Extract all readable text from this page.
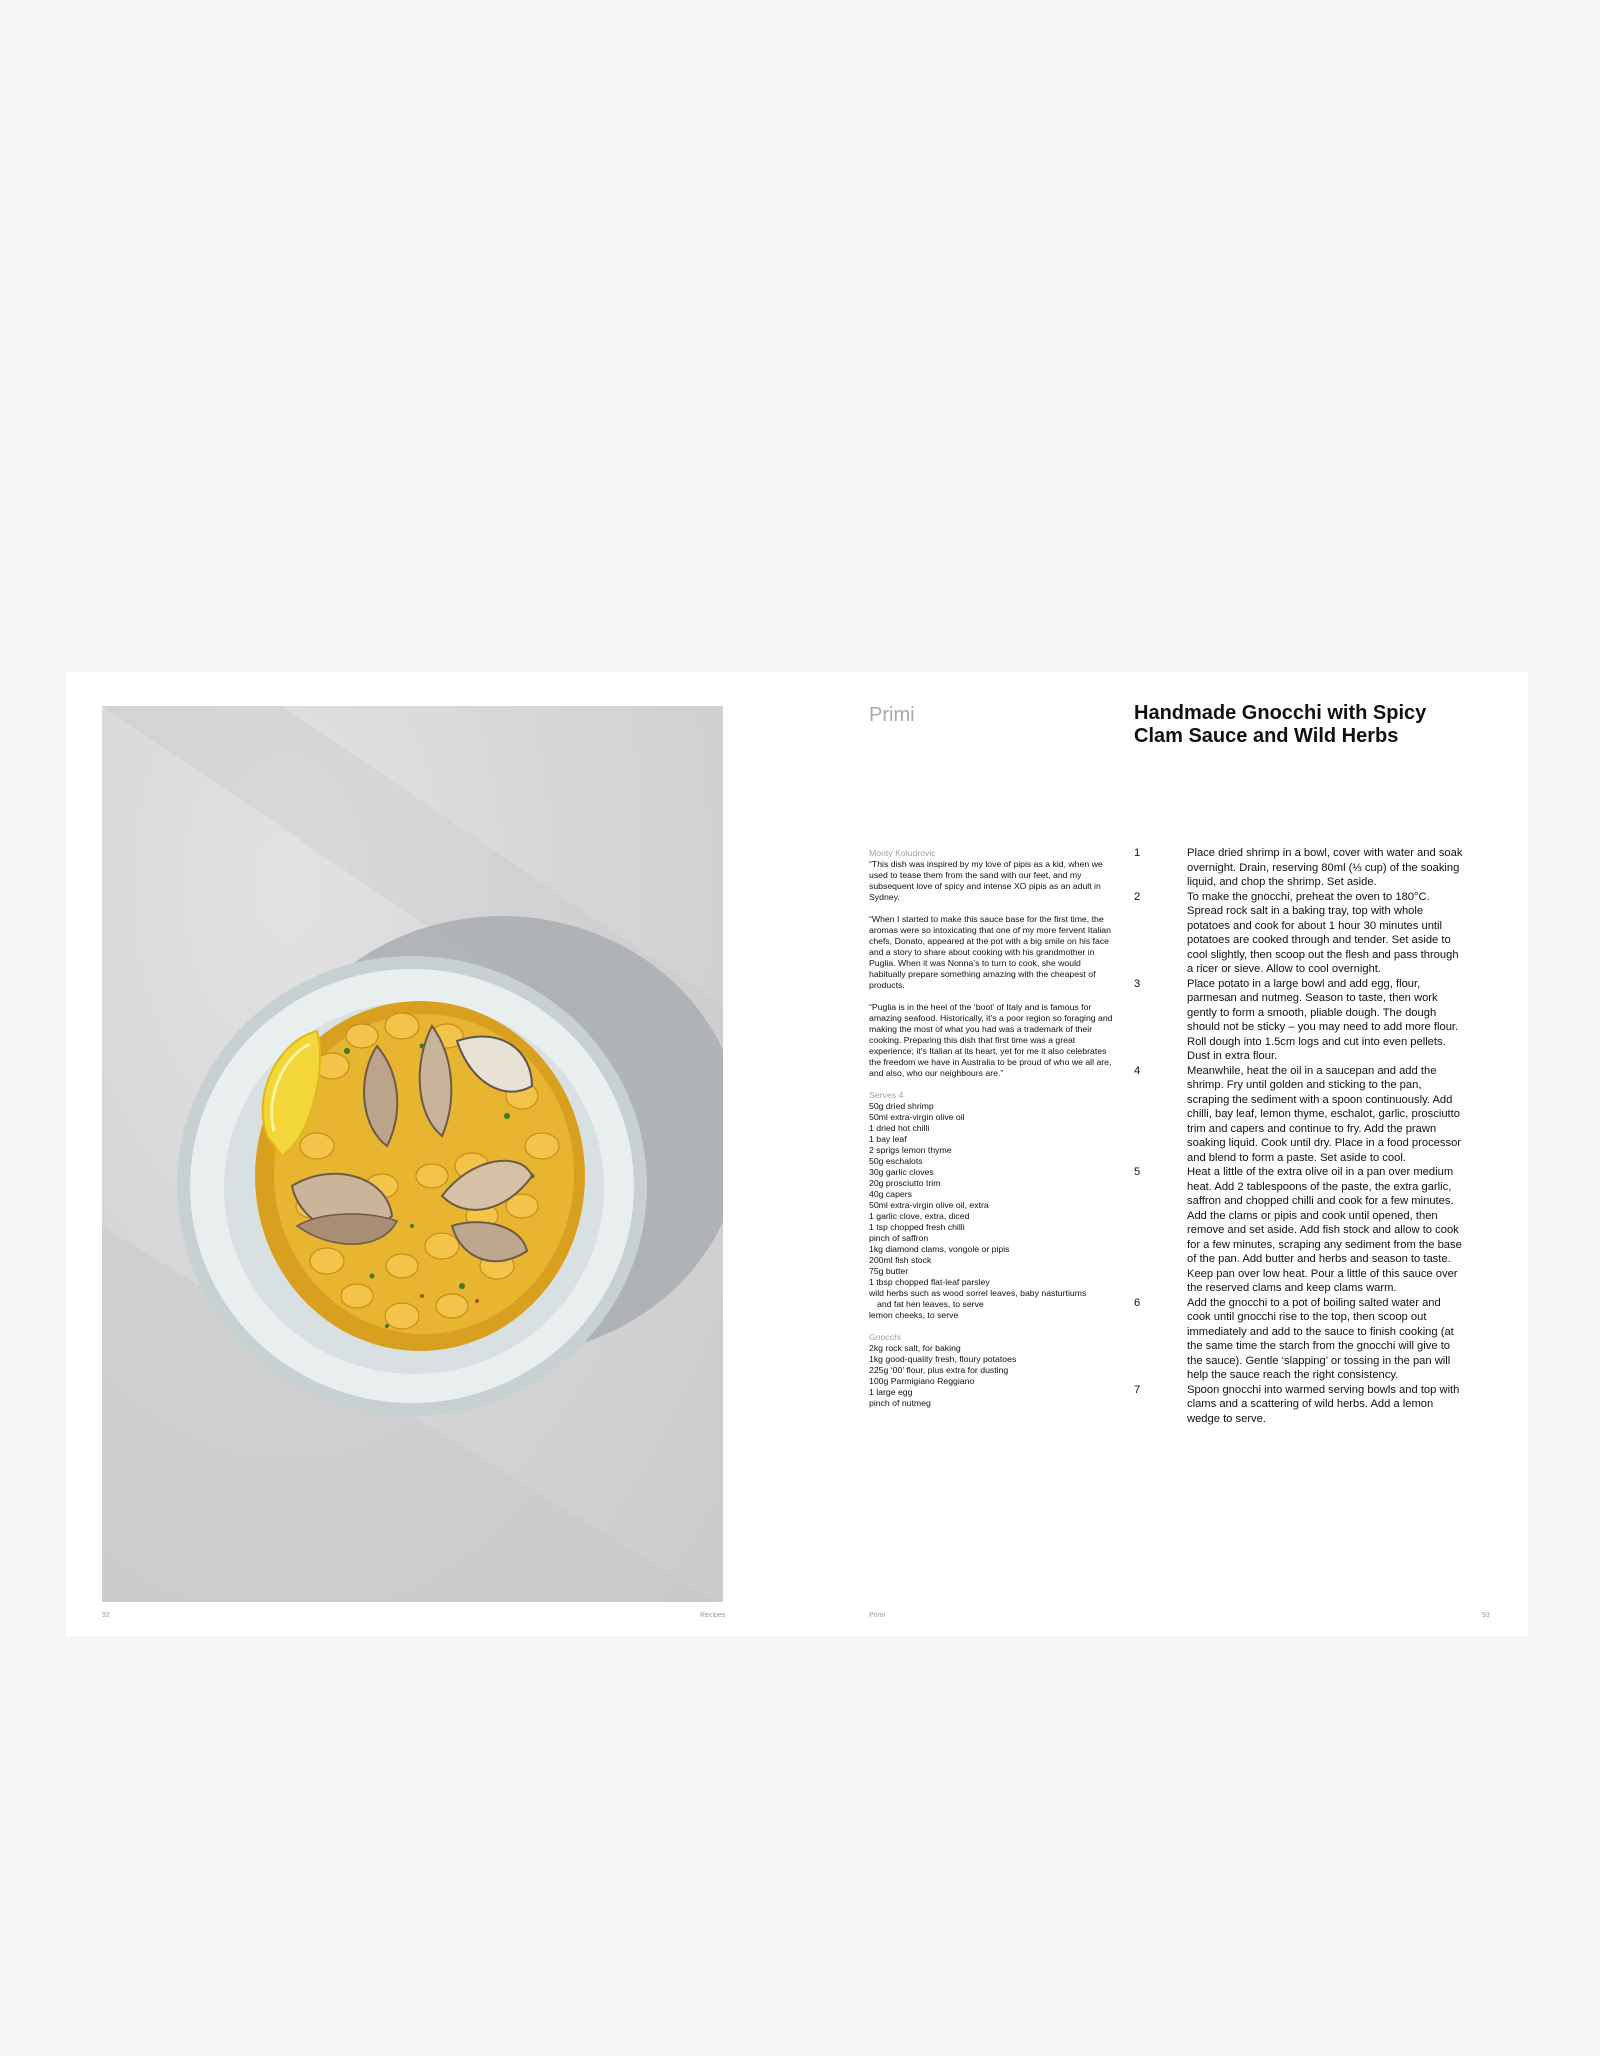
92	Recipes
Primi	Handmade Gnocchi with Spicy
Clam Sauce and Wild Herbs
Monty Koludrovic

“This dish was inspired by my love of pipis as a kid, when we used to tease them from the sand with our feet, and my subsequent love of spicy and intense XO pipis as an adult in Sydney.

“When I started to make this sauce base for the first time, the aromas were so intoxicating that one of my more fervent Italian chefs, Donato, appeared at the pot with a big smile on his face and a story to share about cooking with his grandmother in Puglia. When it was Nonna’s to turn to cook, she would habitually prepare something amazing with the cheapest of products.

“Puglia is in the heel of the ‘boot’ of Italy and is famous for amazing seafood. Historically, it’s a poor region so foraging and making the most of what you had was a trademark of their cooking. Preparing this dish that first time was a great experience; it’s Italian at its heart, yet for me it also celebrates the freedom we have in Australia to be proud of who we all are, and also, who our neighbours are.”

Serves 4
50g dried shrimp
50ml extra-virgin olive oil
1 dried hot chilli
1 bay leaf
2 sprigs lemon thyme
50g eschalots
30g garlic cloves
20g prosciutto trim
40g capers
50ml extra-virgin olive oil, extra
1 garlic clove, extra, diced
1 tsp chopped fresh chilli
pinch of saffron
1kg diamond clams, vongole or pipis
200ml fish stock
75g butter
1 tbsp chopped flat-leaf parsley
wild herbs such as wood sorrel leaves, baby nasturtiums
and fat hen leaves, to serve
lemon cheeks, to serve
Gnocchi
2kg rock salt, for baking
1kg good-quality fresh, floury potatoes
225g ‘00’ flour, plus extra for dusting
100g Parmigiano Reggiano
1 large egg
pinch of nutmeg
1	Place dried shrimp in a bowl, cover with water and soak overnight. Drain, reserving 80ml (⅓ cup) of the soaking liquid, and chop the shrimp. Set aside.
2	To make the gnocchi, preheat the oven to 180°C. Spread rock salt in a baking tray, top with whole potatoes and cook for about 1 hour 30 minutes until potatoes are cooked through and tender. Set aside to cool slightly, then scoop out the flesh and pass through a ricer or sieve. Allow to cool overnight.
3	Place potato in a large bowl and add egg, flour, parmesan and nutmeg. Season to taste, then work gently to form a smooth, pliable dough. The dough should not be sticky – you may need to add more flour. Roll dough into 1.5cm logs and cut into even pellets. Dust in extra flour.
4	Meanwhile, heat the oil in a saucepan and add the shrimp. Fry until golden and sticking to the pan, scraping the sediment with a spoon continuously. Add chilli, bay leaf, lemon thyme, eschalot, garlic, prosciutto trim and capers and continue to fry. Add the prawn soaking liquid. Cook until dry. Place in a food processor and blend to form a paste. Set aside to cool.
5	Heat a little of the extra olive oil in a pan over medium heat. Add 2 tablespoons of the paste, the extra garlic, saffron and chopped chilli and cook for a few minutes. Add the clams or pipis and cook until opened, then remove and set aside. Add fish stock and allow to cook for a few minutes, scraping any sediment from the base of the pan. Add butter and herbs and season to taste. Keep pan over low heat. Pour a little of this sauce over the reserved clams and keep clams warm.
6	Add the gnocchi to a pot of boiling salted water and cook until gnocchi rise to the top, then scoop out immediately and add to the sauce to finish cooking (at the same time the starch from the gnocchi will give to the sauce). Gentle ‘slapping’ or tossing in the pan will help the sauce reach the right consistency.
7	Spoon gnocchi into warmed serving bowls and top with clams and a scattering of wild herbs. Add a lemon wedge to serve.
Primi	93
